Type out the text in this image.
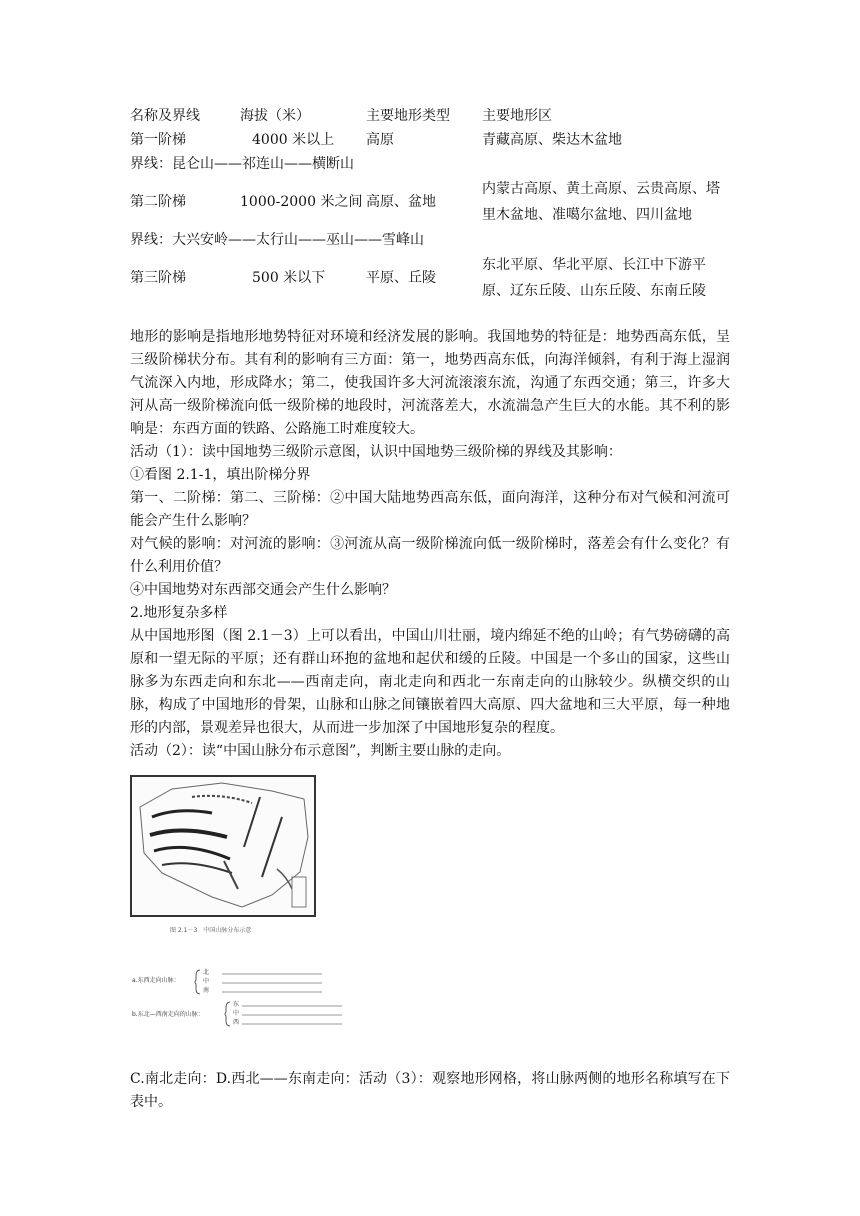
名称及界线	海拔（米）	主要地形类型	主要地形区
第一阶梯	4000 米以上	高原	青藏高原、柴达木盆地
界线：昆仑山——祁连山——横断山			
第二阶梯	1000-2000 米之间	高原、盆地	内蒙古高原、黄土高原、云贵高原、塔里木盆地、准噶尔盆地、四川盆地
界线：大兴安岭——太行山——巫山——雪峰山			
第三阶梯	500 米以下	平原、丘陵	东北平原、华北平原、长江中下游平原、辽东丘陵、山东丘陵、东南丘陵

地形的影响是指地形地势特征对环境和经济发展的影响。我国地势的特征是：地势西高东低，呈三级阶梯状分布。其有利的影响有三方面：第一，地势西高东低，向海洋倾斜，有利于海上湿润气流深入内地，形成降水；第二，使我国许多大河流滚滚东流，沟通了东西交通；第三，许多大河从高一级阶梯流向低一级阶梯的地段时，河流落差大，水流湍急产生巨大的水能。其不利的影响是：东西方面的铁路、公路施工时难度较大。

活动（1）：读中国地势三级阶示意图，认识中国地势三级阶梯的界线及其影响：

①看图 2.1-1，填出阶梯分界

第一、二阶梯：第二、三阶梯：②中国大陆地势西高东低，面向海洋，这种分布对气候和河流可能会产生什么影响？

对气候的影响：对河流的影响：③河流从高一级阶梯流向低一级阶梯时，落差会有什么变化？有什么利用价值？

④中国地势对东西部交通会产生什么影响？

2.地形复杂多样

从中国地形图（图 2.1－3）上可以看出，中国山川壮丽，境内绵延不绝的山岭；有气势磅礴的高原和一望无际的平原；还有群山环抱的盆地和起伏和缓的丘陵。中国是一个多山的国家，这些山脉多为东西走向和东北——西南走向，南北走向和西北一东南走向的山脉较少。纵横交织的山脉，构成了中国地形的骨架，山脉和山脉之间镶嵌着四大高原、四大盆地和三大平原，每一种地形的内部，景观差异也很大，从而进一步加深了中国地形复杂的程度。

活动（2）：读“中国山脉分布示意图”，判断主要山脉的走向。

图 2.1－3　中国山脉分布示意
a.东西走向山脉：
北
中
南
b.东北—西南走向的山脉：
东
中
西

C.南北走向：D.西北——东南走向：活动（3）：观察地形网格，将山脉两侧的地形名称填写在下表中。
